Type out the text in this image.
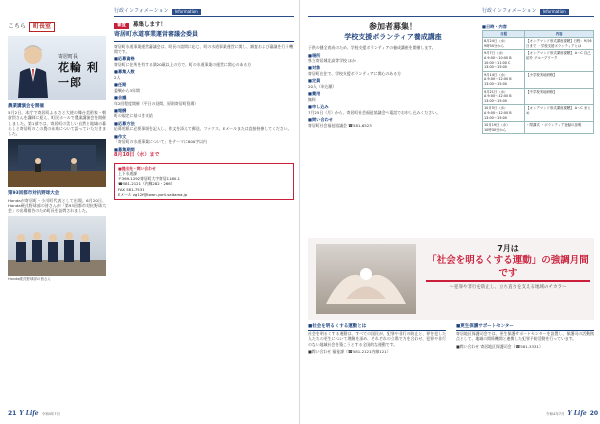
行政インフォメーション	Information
こちら	町長室
寄居町長
花輪 利一郎
農業講演会を開催
5月2日、本庁で寄居町ふるさと大使の舞台美術家・朝倉摂さんを講師に迎え、町民ホールで農業講演会を開催しました。第1部では、寄居町の美しい自然と地域の暮らしと寄居町のこの農の未来について語っていただきました。
第93回都市対抗野球大会
Hondaが寄居町・小川町代表として出場。6月20日、Honda硬式野球部の皆さんが「第93回都市対抗野球大会」の出場報告のため町長を訪問されました。
Honda硬式野球部の皆さん
審査	募集します！
寄居町水道事業運営審議会委員
寄居町水道事業運営審議会は、町長の諮問に応じ、町の水道事業運営に関し、調査および審議を行う機関です。
■応募資格
寄居町に住所を有する満20歳以上の方で、町の水道事業の運営に関心のある方
■募集人数
2人
■任期
委嘱から3年間
■会議
年2回程度開催（平日の昼間、原則寄居町役場）
■報酬
町の規定に基づき支給
■応募方法
応募用紙に必要事項を記入し、作文を添えて郵送、ファクス、Eメールまたは直接持参してください。
■作文
「寄居町の水道事業について」をテーマに800字以内
■募集期間
8月10日（水）まで
■提出先・問い合わせ
上下水道課
〒369-1292寄居町大字寄居1180-1
☎581-2121（内線282・266）
FAX 581-7531
Eメール zg12f@town.yorii.saitama.jp
21 Y Life 令和4年7月
行政インフォメーション	Information
参加者募集！
学校支援ボランティア養成講座
子供の健全育成のため、学校支援ボランティアの養成講座を開催します。
■場所
県立寄居城北高等学校 ほか
■対象
寄居町在住で、学校支援ボランティアに関心のある方
■定員
20人（申込順）
■費用
無料
■申し込み
7月25日（月）から、寄居町社会福祉協議会へ電話でお申し込みください。
■問い合わせ
寄居町社会福祉協議会 ☎581-6523
■日時・内容
日程	内容
8月24日（水）
9時30分から	【オンデマンド形式講座視聴】日程：9月6日まで ・学校支援ボランティアとは
9月7日（水）
A 9:00〜10:00 B 10:00〜11:00 C 13:00〜15:00	【オンデマンド形式講座視聴】 A〜C 自己紹介 グループワーク
9月14日（水）
A 9:00〜12:00 B 13:00〜15:00	【小学校実地研修】
9月21日（水）
A 9:00〜12:00 B 13:00〜15:00	【中学校実地研修】
10月5日（水）
A 9:00〜12:00 B 13:00〜15:00	【オンデマンド形式講座視聴】 A〜C まとめ
10月19日（水）
10時30分から	・閉講式 ・ボランティア登録の説明
7月は
「社会を明るくする運動」の強調月間です
〜犯罪や非行を防止し、立ち直りを支える地域のチカラ〜
■社会を明るくする運動とは
社会を明るくする運動は、すべての国民が、犯罪や非行の防止と、罪を犯した人たちの更生について理解を深め、それぞれの立場で力を合わせ、犯罪や非行のない地域社会を築こうとする全国的な運動です。
■問い合わせ 福祉課（☎581-2121内線121）
■更生保護サポートセンター
寄居地区保護司会では、更生保護サポートセンターを設置し、保護司の活動拠点として、地域の関係機関と連携した犯罪予防活動を行っています。
■問い合わせ 寄居地区保護司会（☎581-3331）
令和4年7月 Y Life 20
